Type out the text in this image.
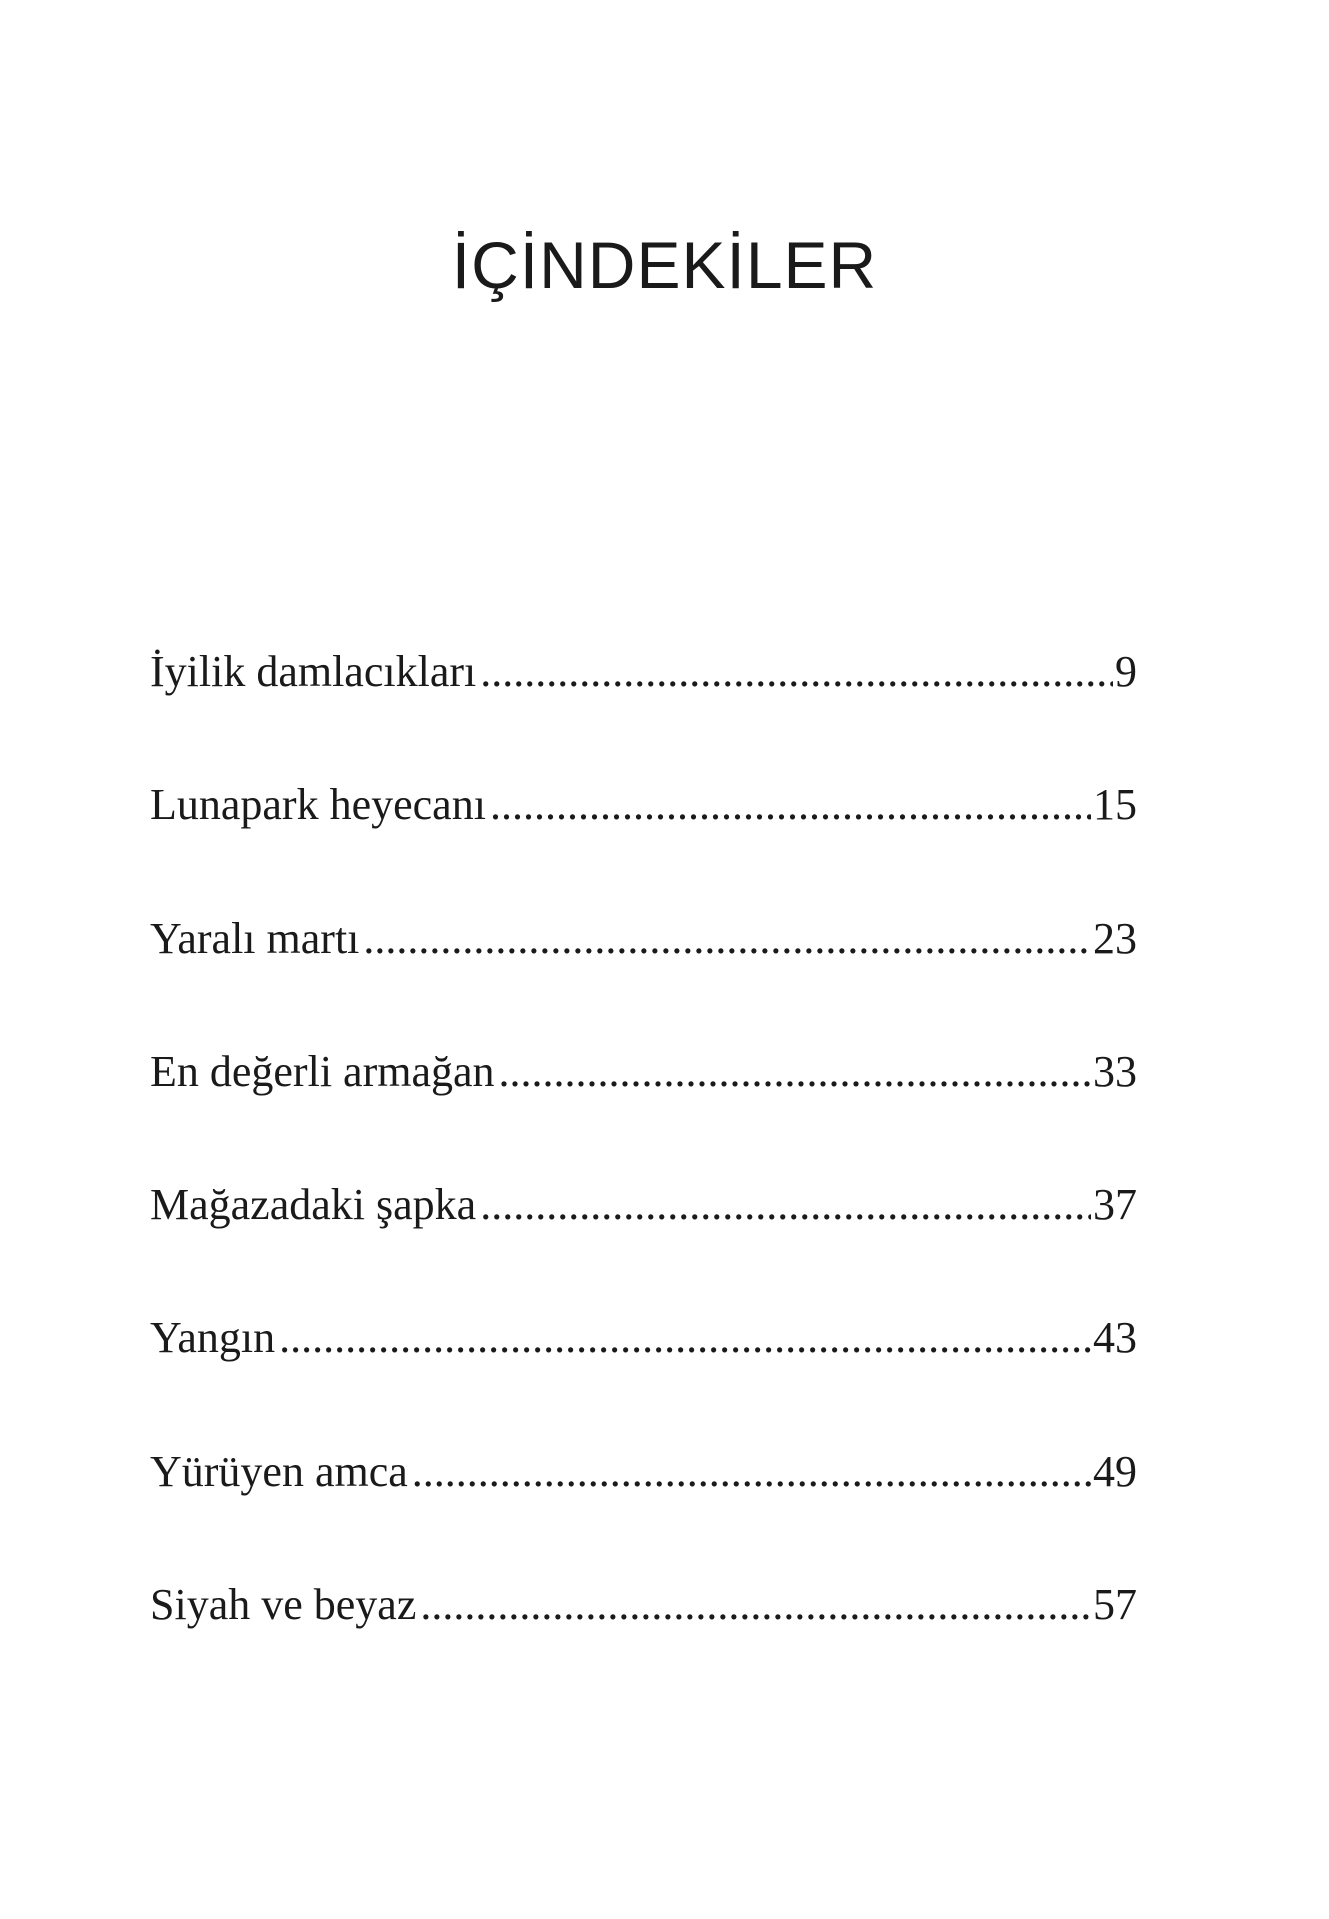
İÇİNDEKİLER
İyilik damlacıkları .....	9
Lunapark heyecanı .....	15
Yaralı martı .....	23
En değerli armağan .....	33
Mağazadaki şapka .....	37
Yangın .....	43
Yürüyen amca .....	49
Siyah ve beyaz .....	57
